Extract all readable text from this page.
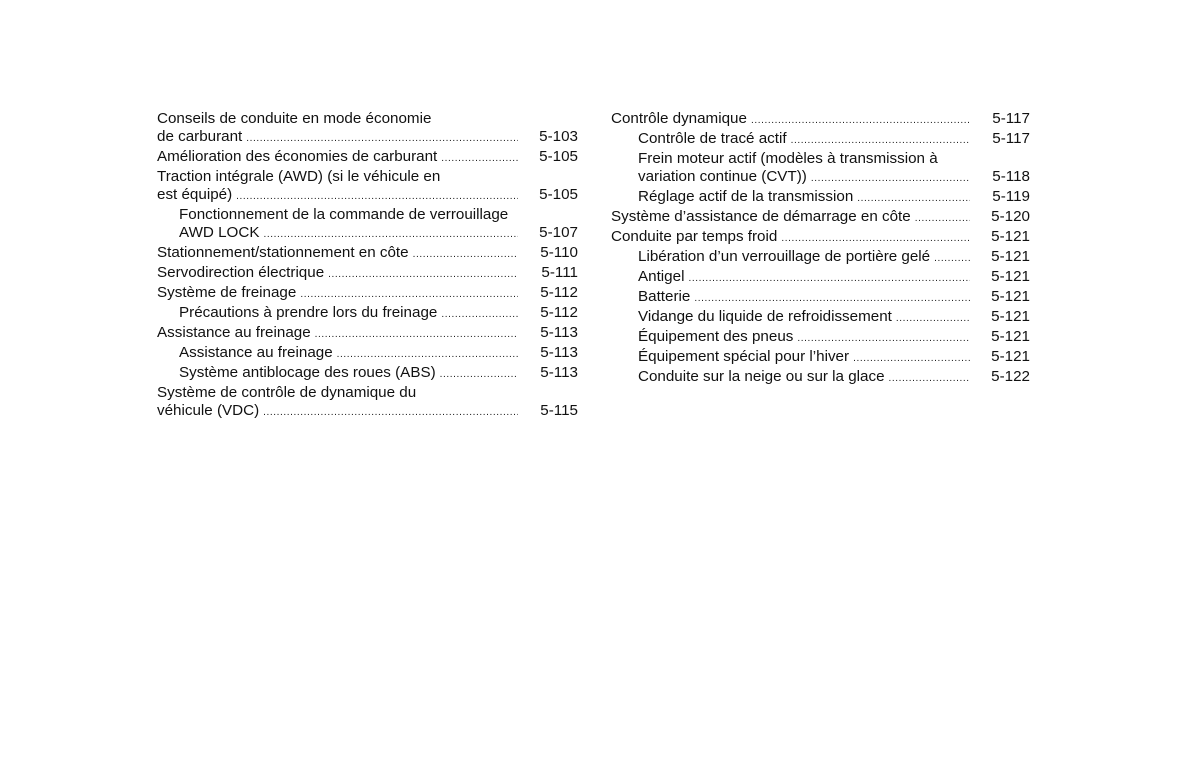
Conseils de conduite en mode économie
de carburant .....	5-103
Amélioration des économies de carburant .....	5-105
Traction intégrale (AWD) (si le véhicule en
est équipé) .....	5-105
Fonctionnement de la commande de verrouillage
AWD LOCK .....	5-107
Stationnement/stationnement en côte .....	5-110
Servodirection électrique .....	5-111
Système de freinage .....	5-112
Précautions à prendre lors du freinage .....	5-112
Assistance au freinage .....	5-113
Assistance au freinage .....	5-113
Système antiblocage des roues (ABS) .....	5-113
Système de contrôle de dynamique du
véhicule (VDC) .....	5-115
Contrôle dynamique .....	5-117
Contrôle de tracé actif .....	5-117
Frein moteur actif (modèles à transmission à
variation continue (CVT)) .....	5-118
Réglage actif de la transmission .....	5-119
Système d’assistance de démarrage en côte .....	5-120
Conduite par temps froid .....	5-121
Libération d’un verrouillage de portière gelé .....	5-121
Antigel .....	5-121
Batterie .....	5-121
Vidange du liquide de refroidissement .....	5-121
Équipement des pneus .....	5-121
Équipement spécial pour l’hiver .....	5-121
Conduite sur la neige ou sur la glace .....	5-122
